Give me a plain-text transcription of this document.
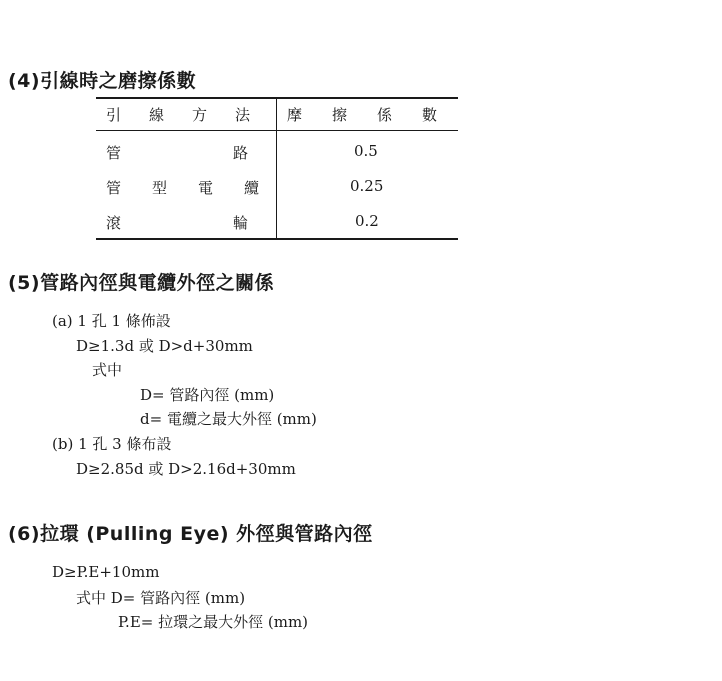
(4)引線時之磨擦係數
引線方法 摩擦係數
管路
0.5
管型電纜	0.25
滾輪
0.2
(5)管路內徑與電纜外徑之關係
(a) 1 孔 1 條佈設
D≥1.3d 或 D>d+30mm
式中
D= 管路內徑 (mm)
d= 電纜之最大外徑 (mm)
(b) 1 孔 3 條布設
D≥2.85d 或 D>2.16d+30mm
(6)拉環 (Pulling Eye) 外徑與管路內徑
D≥P.E+10mm
式中 D= 管路內徑 (mm)
P.E= 拉環之最大外徑 (mm)
